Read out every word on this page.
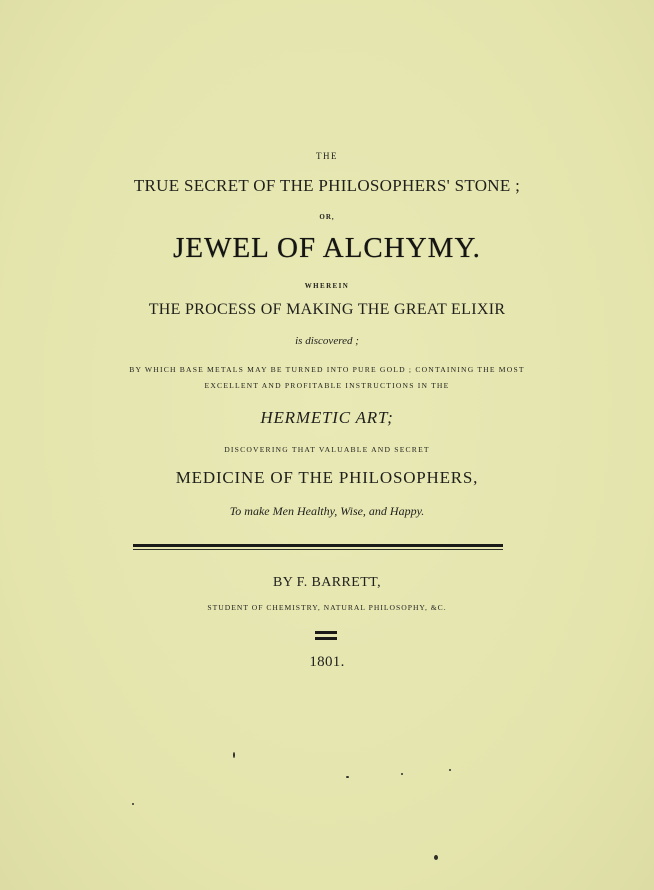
THE
TRUE SECRET OF THE PHILOSOPHERS' STONE ;
OR,
JEWEL OF ALCHYMY.
WHEREIN
THE PROCESS OF MAKING THE GREAT ELIXIR
is discovered ;
BY WHICH BASE METALS MAY BE TURNED INTO PURE GOLD ; CONTAINING THE MOST
EXCELLENT AND PROFITABLE INSTRUCTIONS IN THE
HERMETIC ART;
DISCOVERING THAT VALUABLE AND SECRET
MEDICINE OF THE PHILOSOPHERS,
To make Men Healthy, Wise, and Happy.
BY F. BARRETT,
STUDENT OF CHEMISTRY, NATURAL PHILOSOPHY, &C.
1801.
